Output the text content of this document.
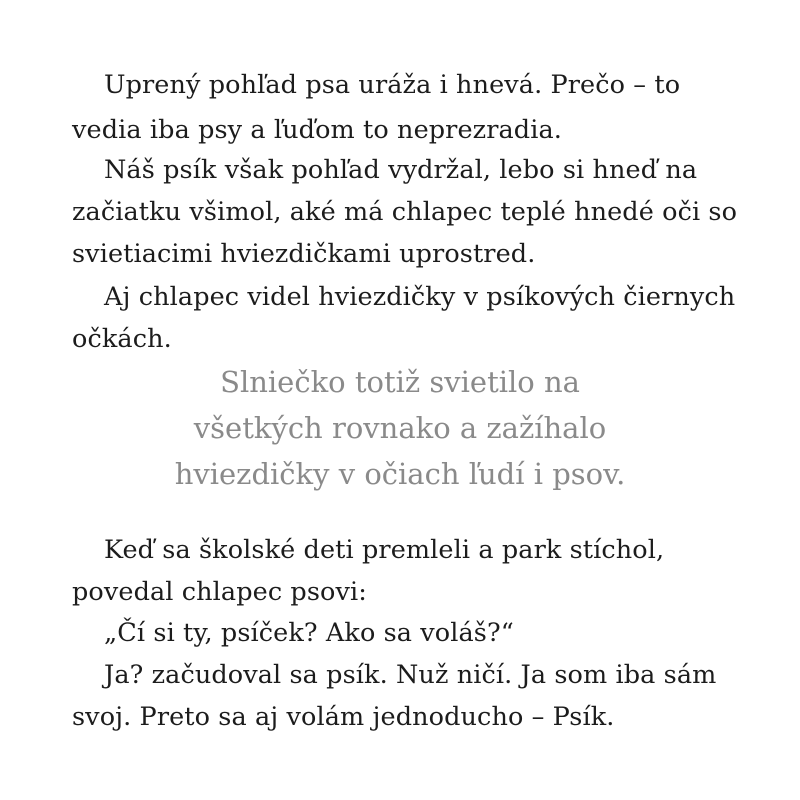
Uprený pohľad psa uráža i hnevá. Prečo – to
vedia iba psy a ľuďom to neprezradia.
Náš psík však pohľad vydržal, lebo si hneď na
začiatku všimol, aké má chlapec teplé hnedé oči so
svietiacimi hviezdičkami uprostred.
Aj chlapec videl hviezdičky v psíkových čiernych
očkách.
Slniečko totiž svietilo na
všetkých rovnako a zažíhalo
hviezdičky v očiach ľudí i psov.
Keď sa školské deti premleli a park stíchol,
povedal chlapec psovi:
„Čí si ty, psíček? Ako sa voláš?“
Ja? začudoval sa psík. Nuž ničí. Ja som iba sám
svoj. Preto sa aj volám jednoducho – Psík.
